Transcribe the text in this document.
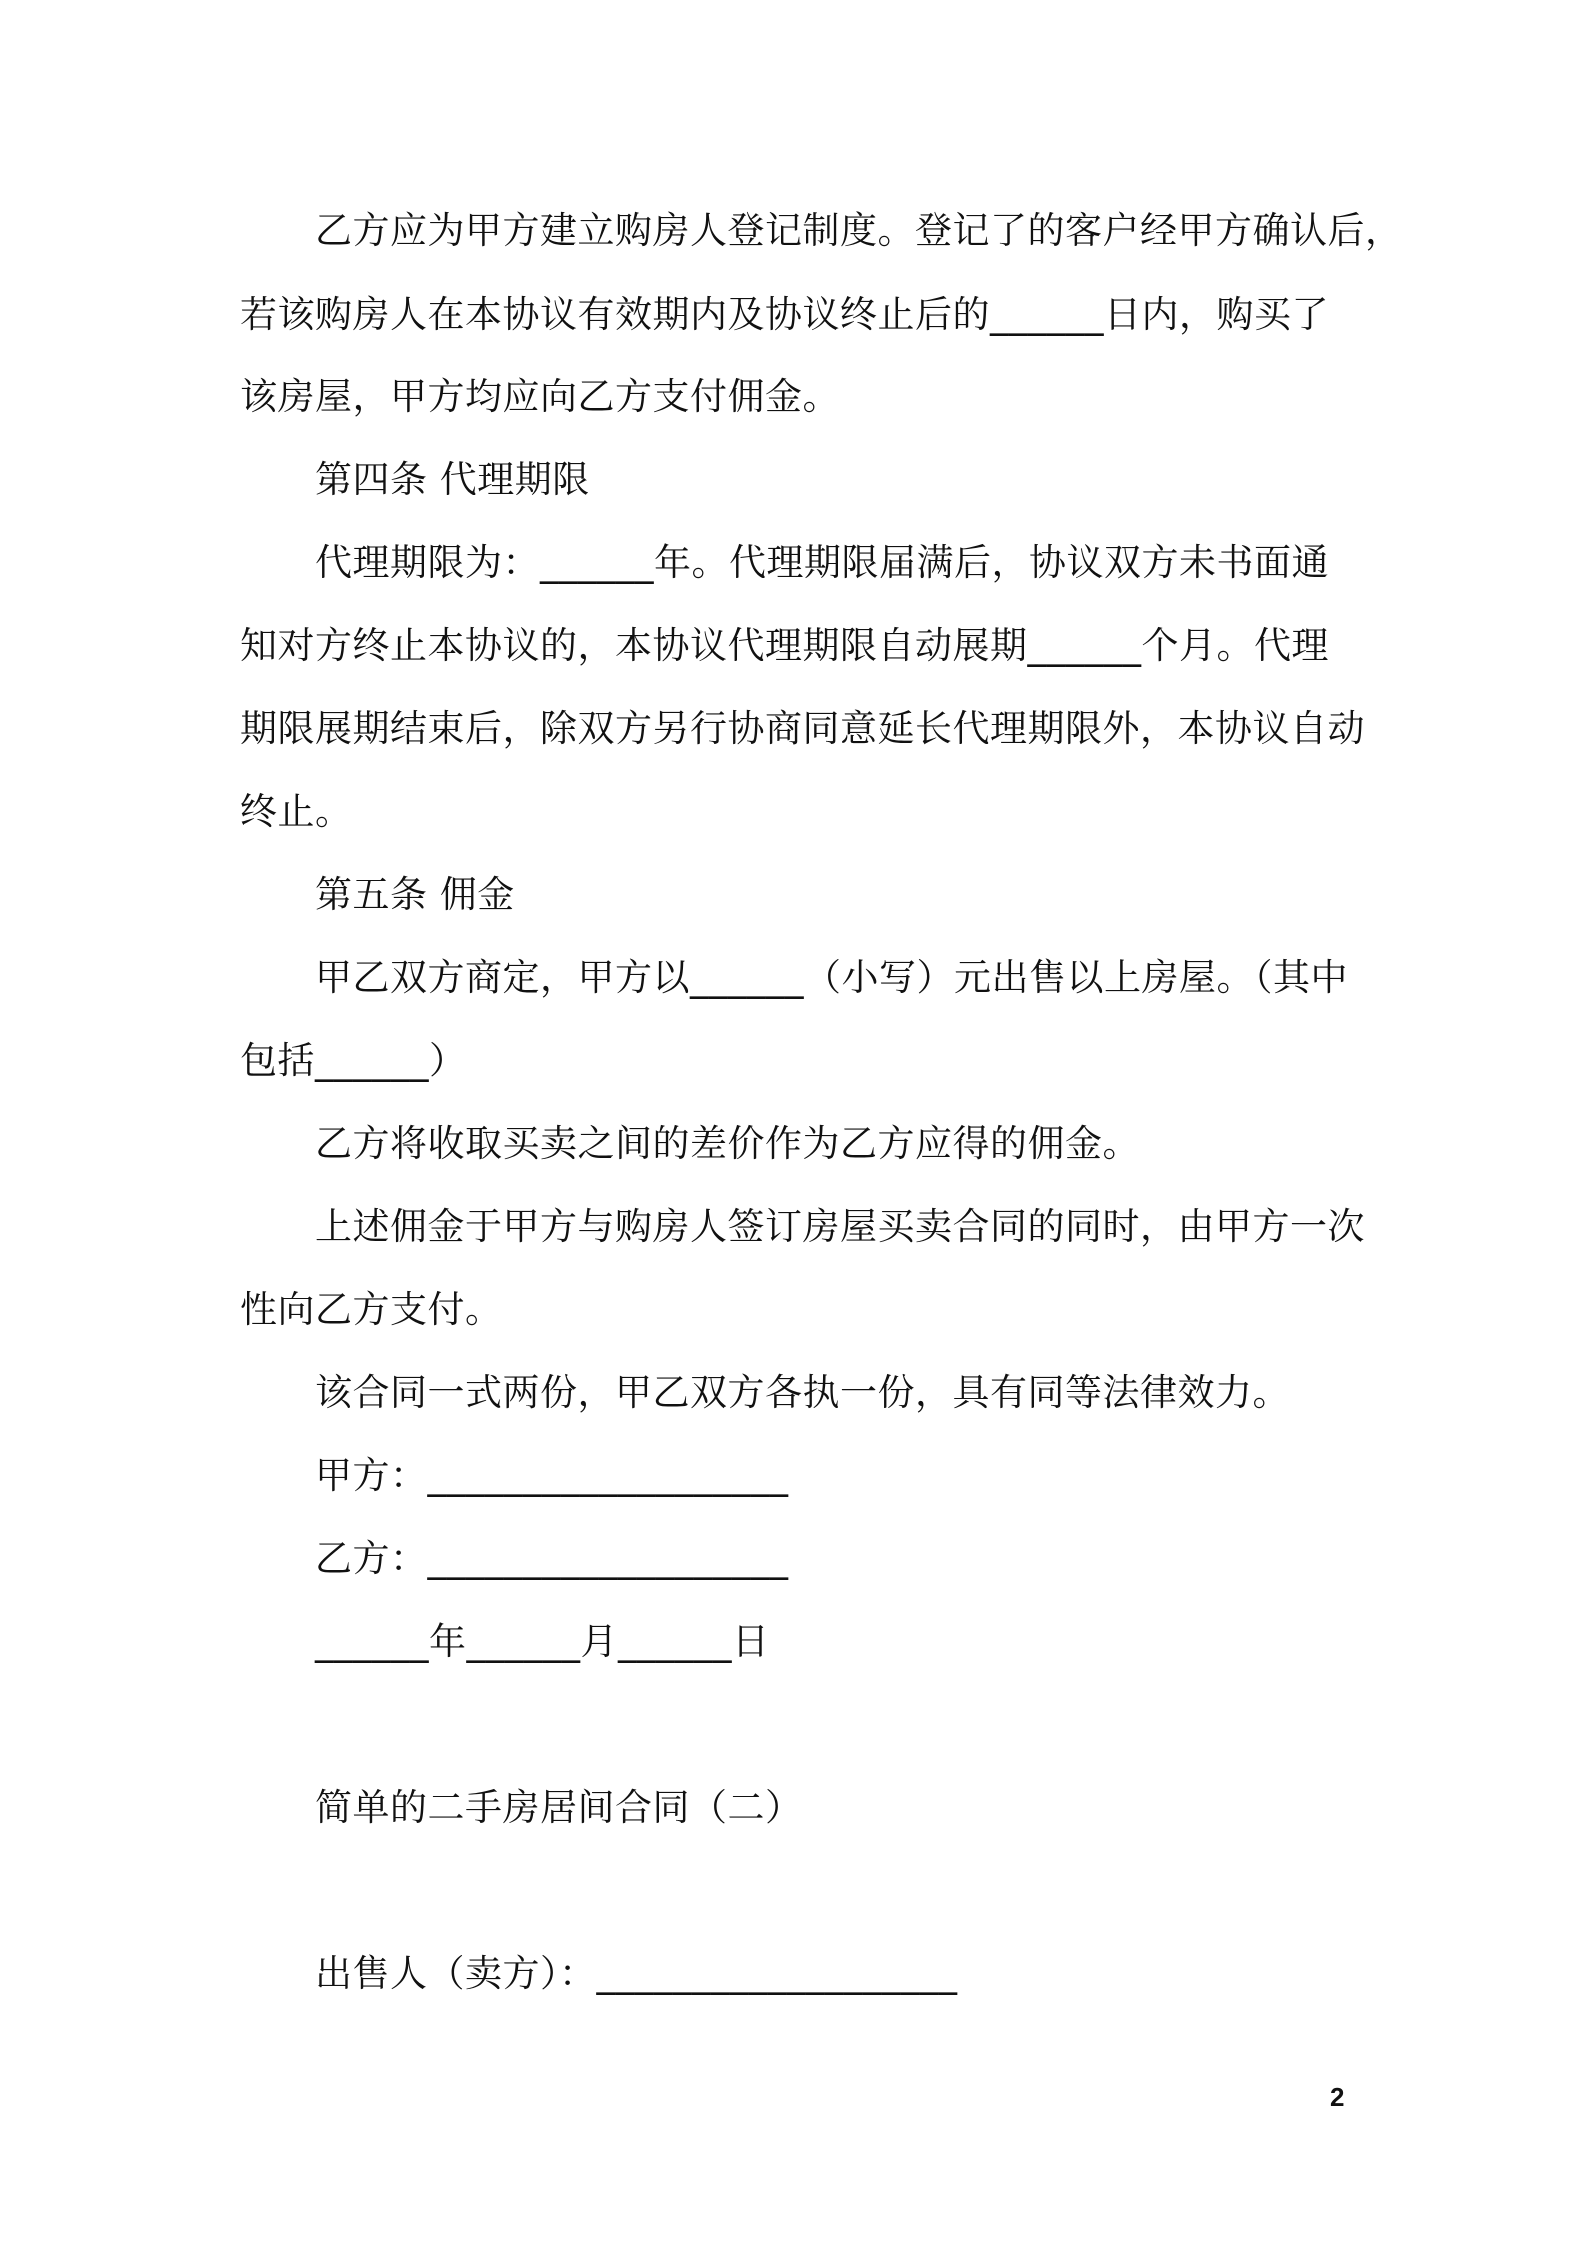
乙方应为甲方建立购房人登记制度。登记了的客户经甲方确认后，
若该购房人在本协议有效期内及协议终止后的______日内，购买了
该房屋，甲方均应向乙方支付佣金。
第四条 代理期限
代理期限为：______年。代理期限届满后，协议双方未书面通
知对方终止本协议的，本协议代理期限自动展期______个月。代理
期限展期结束后，除双方另行协商同意延长代理期限外，本协议自动
终止。
第五条 佣金
甲乙双方商定，甲方以______（小写）元出售以上房屋。（其中
包括______）
乙方将收取买卖之间的差价作为乙方应得的佣金。
上述佣金于甲方与购房人签订房屋买卖合同的同时，由甲方一次
性向乙方支付。
该合同一式两份，甲乙双方各执一份，具有同等法律效力。
甲方：___________________
乙方：___________________
______年______月______日
简单的二手房居间合同（二）
出售人（卖方）：___________________
2
